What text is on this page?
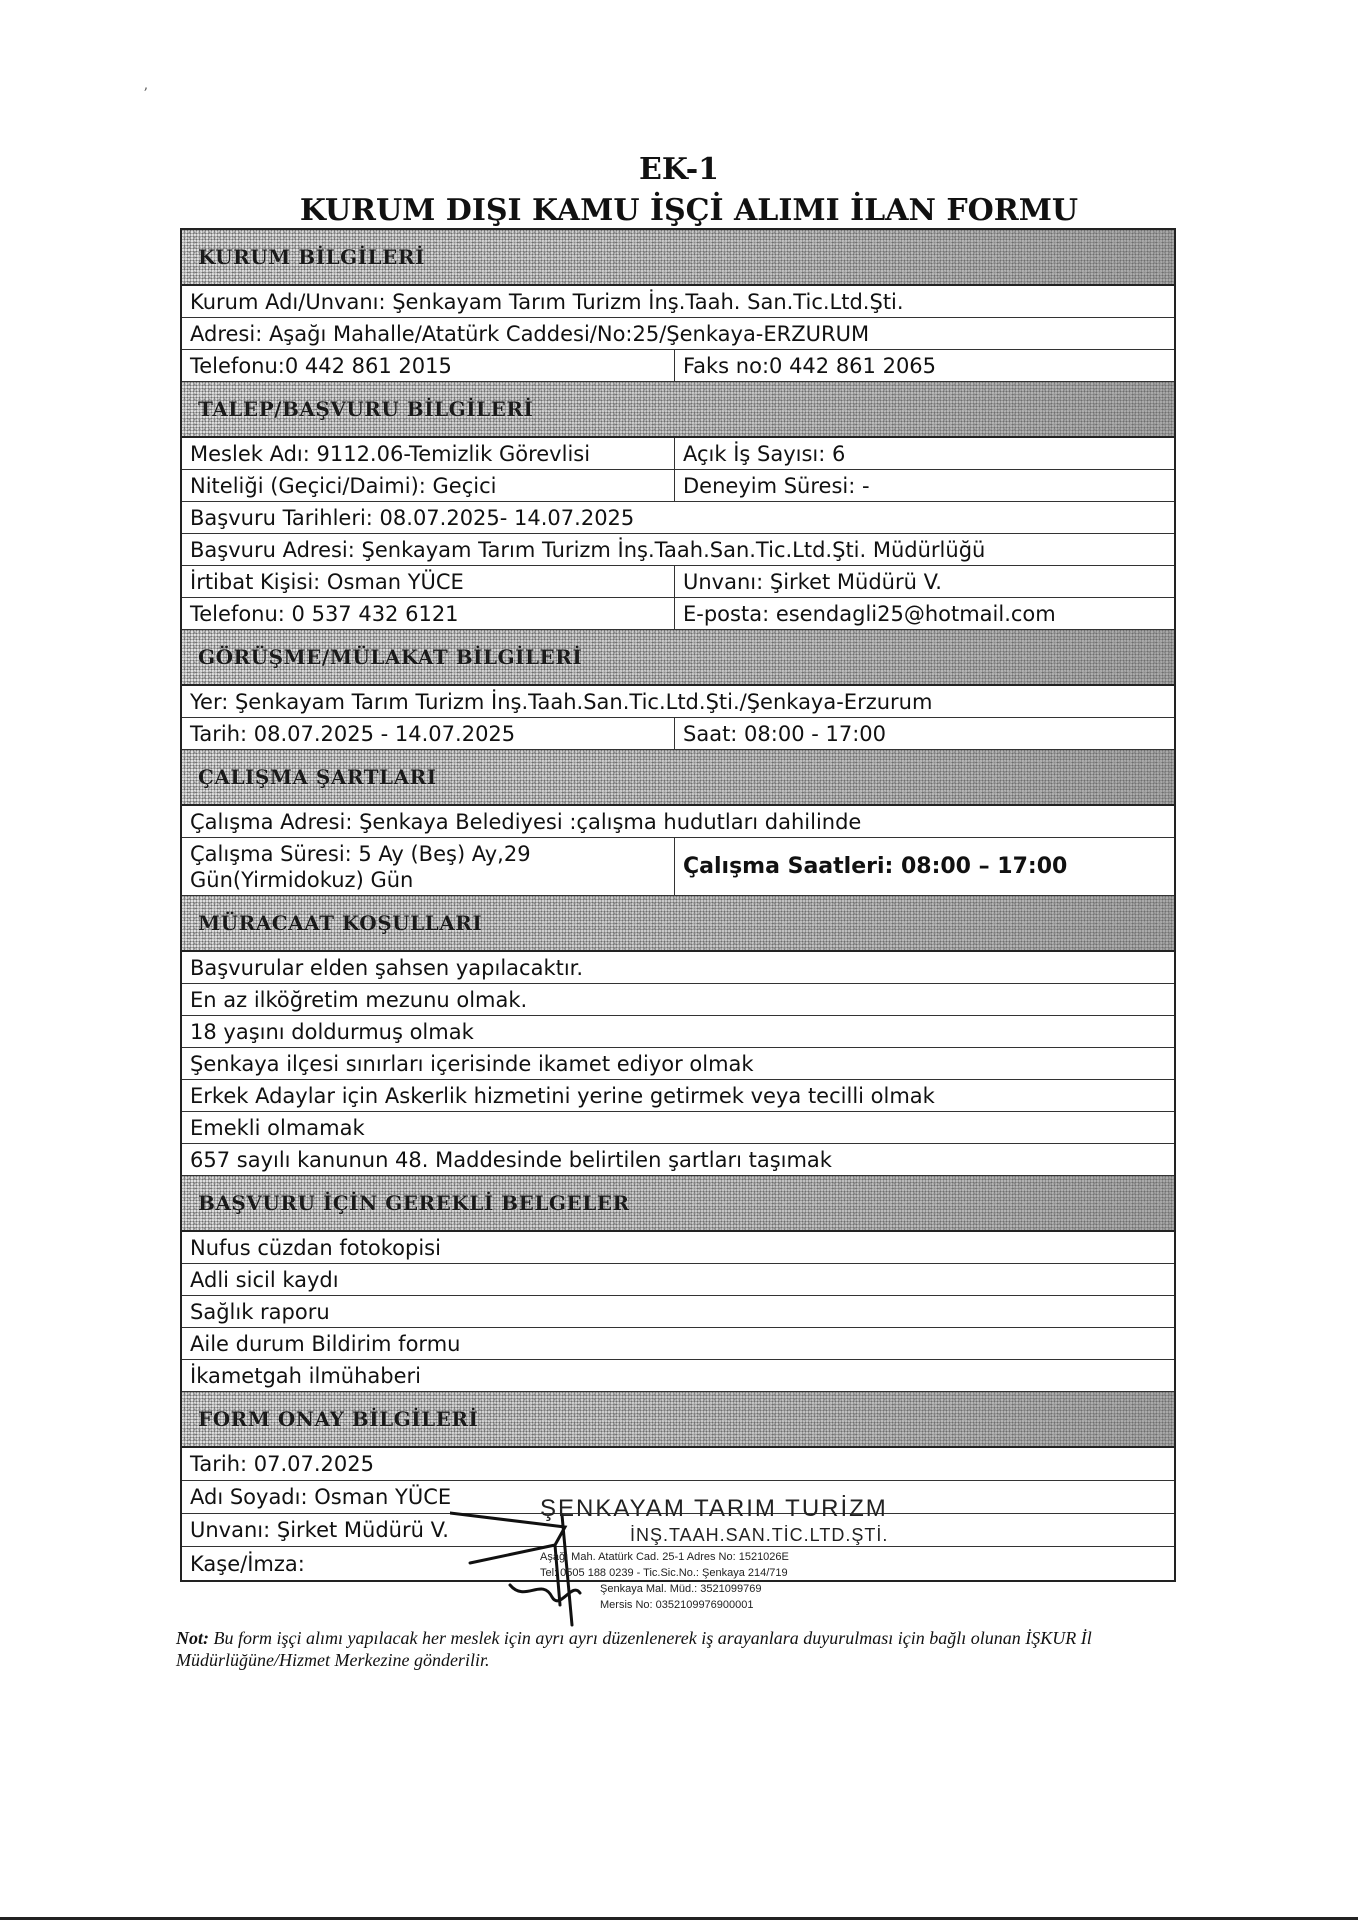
ʼ
EK-1
KURUM DIŞI KAMU İŞÇİ ALIMI İLAN FORMU
KURUM BİLGİLERİ
Kurum Adı/Unvanı: Şenkayam Tarım Turizm İnş.Taah. San.Tic.Ltd.Şti.
Adresi: Aşağı Mahalle/Atatürk Caddesi/No:25/Şenkaya-ERZURUM
Telefonu:0 442 861 2015	Faks no:0 442 861 2065
TALEP/BAŞVURU BİLGİLERİ
Meslek Adı: 9112.06-Temizlik Görevlisi	Açık İş Sayısı: 6
Niteliği (Geçici/Daimi): Geçici	Deneyim Süresi: -
Başvuru Tarihleri: 08.07.2025- 14.07.2025
Başvuru Adresi: Şenkayam Tarım Turizm İnş.Taah.San.Tic.Ltd.Şti. Müdürlüğü
İrtibat Kişisi: Osman YÜCE	Unvanı: Şirket Müdürü V.
Telefonu: 0 537 432 6121	E-posta: esendagli25@hotmail.com
GÖRÜŞME/MÜLAKAT BİLGİLERİ
Yer: Şenkayam Tarım Turizm İnş.Taah.San.Tic.Ltd.Şti./Şenkaya-Erzurum
Tarih: 08.07.2025 - 14.07.2025	Saat: 08:00 - 17:00
ÇALIŞMA ŞARTLARI
Çalışma Adresi: Şenkaya Belediyesi :çalışma hudutları dahilinde
Çalışma Süresi: 5 Ay (Beş) Ay,29 Gün(Yirmidokuz) Gün
Çalışma Saatleri: 08:00 – 17:00
MÜRACAAT KOŞULLARI
Başvurular elden şahsen yapılacaktır.
En az ilköğretim mezunu olmak.
18 yaşını doldurmuş olmak
Şenkaya ilçesi sınırları içerisinde ikamet ediyor olmak
Erkek Adaylar için Askerlik hizmetini yerine getirmek veya tecilli olmak
Emekli olmamak
657 sayılı kanunun 48. Maddesinde belirtilen şartları taşımak
BAŞVURU İÇİN GEREKLİ BELGELER
Nufus cüzdan fotokopisi
Adli sicil kaydı
Sağlık raporu
Aile durum Bildirim formu
İkametgah ilmühaberi
FORM ONAY BİLGİLERİ
Tarih: 07.07.2025
Adı Soyadı: Osman YÜCE
Unvanı: Şirket Müdürü V.
Kaşe/İmza:
ŞENKAYAM TARIM TURİZM
İNŞ.TAAH.SAN.TİC.LTD.ŞTİ.
Aşağı Mah. Atatürk Cad. 25-1 Adres No: 1521026E
Tel: 0505 188 0239 - Tic.Sic.No.: Şenkaya 214/719
Şenkaya Mal. Müd.: 3521099769
Mersis No: 0352109976900001
Not: Bu form işçi alımı yapılacak her meslek için ayrı ayrı düzenlenerek iş arayanlara duyurulması için bağlı olunan İŞKUR İl Müdürlüğüne/Hizmet Merkezine gönderilir.
